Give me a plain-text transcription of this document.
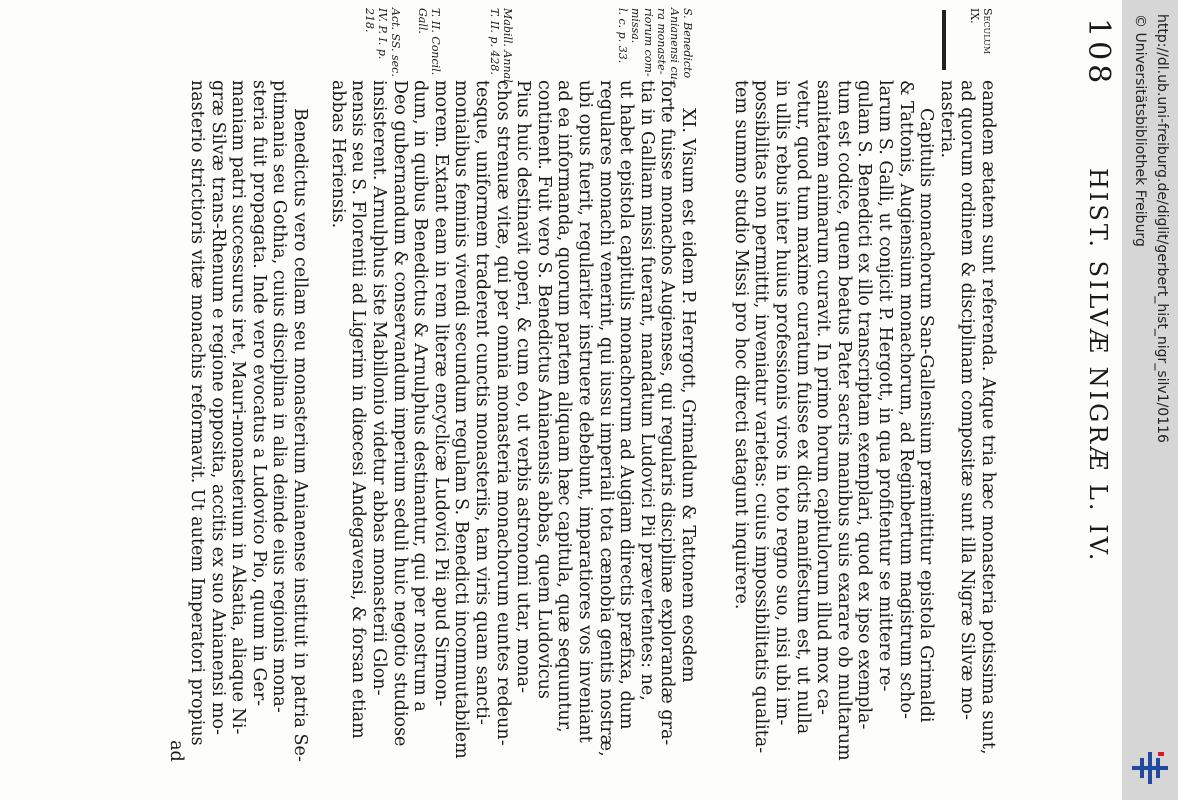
108
HIST. SILVÆ NIGRÆ L. IV.
Seculum
IX.
S. Benedicto
Anianensi cu-
ra monaste-
riorum com-
missa.
l. c. p. 33.
Mabill. Annal.
T. II. p. 428.
T. II. Concil.
Gall.
Act. SS. sec.
IV. P. I. p.
218.
eamdem ætatem sunt referenda. Atque tria hæc monasteria potissima sunt,
ad quorum ordinem & disciplinam compositæ sunt illa Nigræ Silvæ mo-
nasteria.
Capitulis monachorum San-Gallensium præmittitur epistola Grimaldi
& Tattonis, Augiensium monachorum, ad Reginbertum magistrum scho-
larum S. Galli, ut conjicit P. Hergott, in qua profitentur se mittere re-
gulam S. Benedicti ex illo transcriptam exemplari, quod ex ipso exempla-
tum est codice, quem beatus Pater sacris manibus suis exarare ob multarum
sanitatem animarum curavit. In primo horum capitulorum illud mox ca-
vetur, quod tum maxime curatum fuisse ex dictis manifestum est, ut nulla
in ullis rebus inter huius professionis viros in toto regno suo, nisi ubi im-
possibilitas non permittit, inveniatur varietas: cuius impossibilitatis qualita-
tem summo studio Missi pro hoc directi satagunt inquirere.
XI. Visum est eidem P. Herrgott, Grimaldum & Tattonem eosdem
forte fuisse monachos Augienses, qui regularis disciplinæ explorandæ gra-
tia in Galliam missi fuerant, mandatum Ludovici Pii prævertentes: ne,
ut habet epistola capitulis monachorum ad Augiam directis præfixa, dum
regulares monachi venerint, qui iussu imperiali tota cænobia gentis nostræ,
ubi opus fuerit, regulariter instruere debebunt, imparatiores vos inveniant
ad ea informanda, quorum partem aliquam hæc capitula, quæ sequuntur,
continent. Fuit vero S. Benedictus Anianensis abbas, quem Ludovicus
Pius huic destinavit operi, & cum eo, ut verbis astronomi utar, mona-
chos strenuæ vitæ, qui per omnia monasteria monachorum euntes redeun-
tesque, uniformem traderent cunctis monasteriis, tam viris quam sancti-
monialibus feminis vivendi secundum regulam S. Benedicti incommutabilem
morem. Extant eam in rem literæ encyclicæ Ludovici Pii apud Sirmon-
dum, in quibus Benedictus & Arnulphus destinantur, qui per nostrum a
Deo gubernandum & conservandum imperium seduli huic negotio studiose
insisterent. Arnulphus iste Mabillonio videtur abbas monasterii Glon-
nensis seu S. Florentii ad Ligerim in diœcesi Andegavensi, & forsan etiam
abbas Heriensis.
Benedictus vero cellam seu monasterium Anianense instituit in patria Se-
ptimania seu Gothia, cuius disciplina in alia deinde eius regionis mona-
steria fuit propagata. Inde vero evocatus a Ludovico Pio, quum in Ger-
maniam patri successurus iret, Mauri-monasterium in Alsatia, aliaque Ni-
græ Silvæ trans-Rhenum e regione opposita, accitis ex suo Anianensi mo-
nasterio strictioris vitæ monachis reformavit. Ut autem Imperatori propius
ad
http://dl.ub.uni-freiburg.de/diglit/gerbert_hist_nigr_silv1/0116
© Universitätsbibliothek Freiburg
